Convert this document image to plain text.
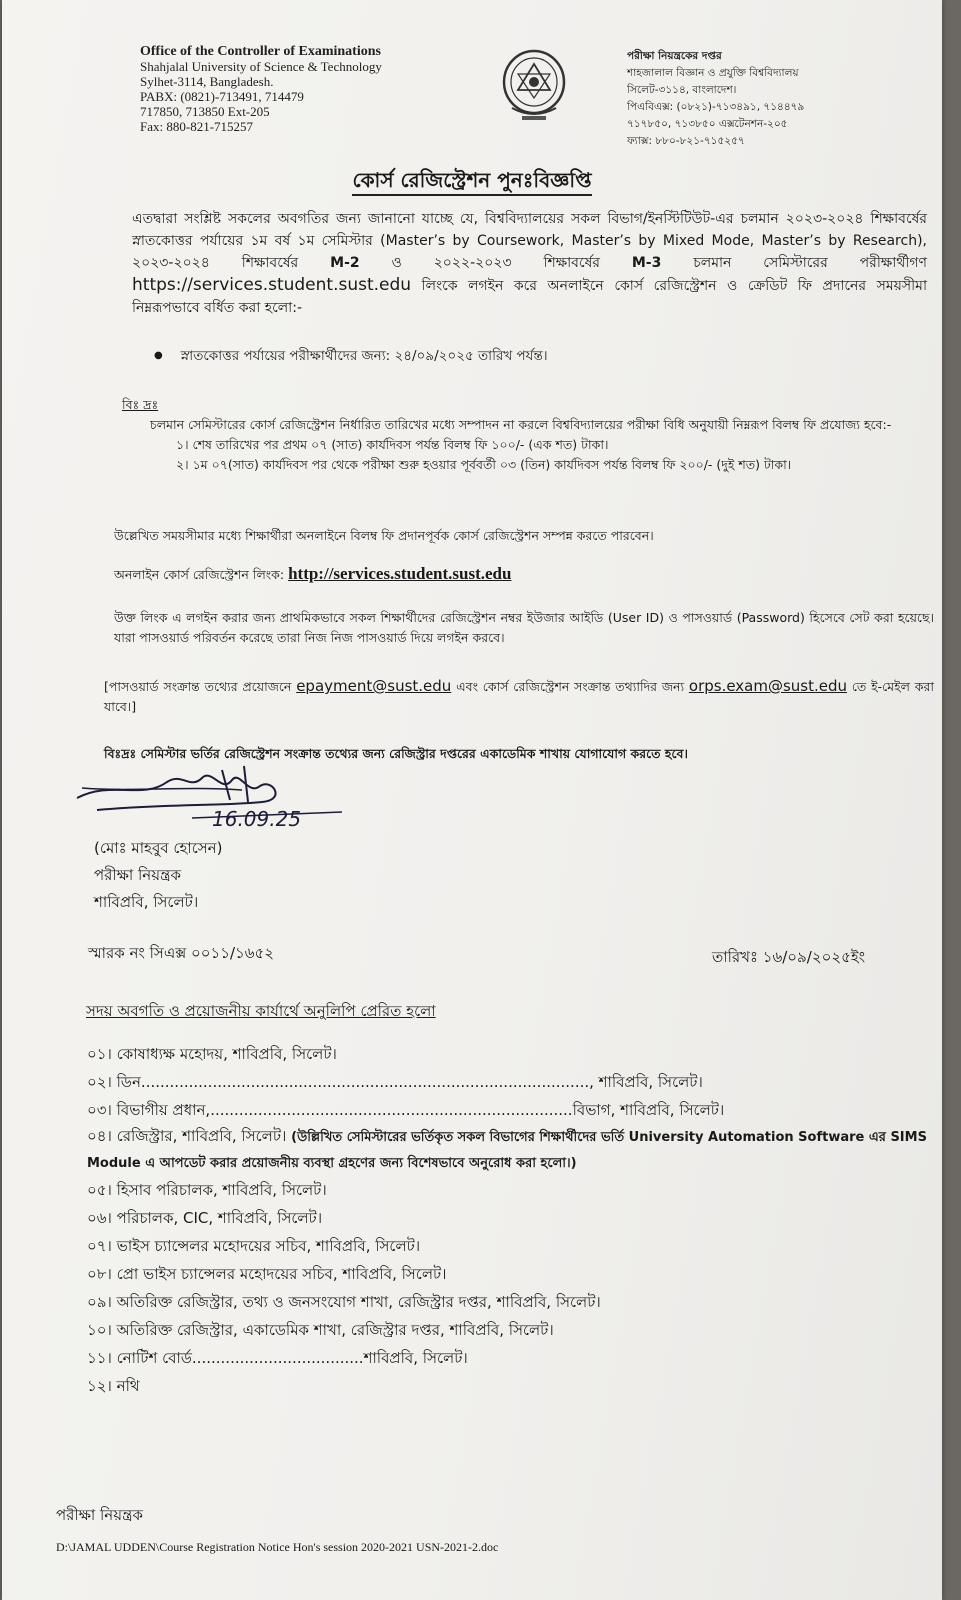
Office of the Controller of Examinations
Shahjalal University of Science & Technology
Sylhet-3114, Bangladesh.
PABX: (0821)-713491, 714479
717850, 713850 Ext-205
Fax: 880-821-715257
পরীক্ষা নিয়ন্ত্রকের দপ্তর
শাহজালাল বিজ্ঞান ও প্রযুক্তি বিশ্ববিদ্যালয়
সিলেট-৩১১৪, বাংলাদেশ।
পিএবিএক্স: (০৮২১)-৭১৩৪৯১, ৭১৪৪৭৯
৭১৭৮৫০, ৭১৩৮৫০ এক্সটেনশন-২০৫
ফ্যাক্স: ৮৮০-৮২১-৭১৫২৫৭
কোর্স রেজিস্ট্রেশন পুনঃবিজ্ঞপ্তি
এতদ্বারা সংশ্লিষ্ট সকলের অবগতির জন্য জানানো যাচ্ছে যে, বিশ্ববিদ্যালয়ের সকল বিভাগ/ইনস্টিটিউট-এর চলমান ২০২৩-২০২৪ শিক্ষাবর্ষের স্নাতকোত্তর পর্যায়ের ১ম বর্ষ ১ম সেমিস্টার (Master’s by Coursework, Master’s by Mixed Mode, Master’s by Research), ২০২৩-২০২৪ শিক্ষাবর্ষের M-2 ও ২০২২-২০২৩ শিক্ষাবর্ষের M-3 চলমান সেমিস্টারের পরীক্ষার্থীগণ https://services.student.sust.edu লিংকে লগইন করে অনলাইনে কোর্স রেজিস্ট্রেশন ও ক্রেডিট ফি প্রদানের সময়সীমা নিম্নরূপভাবে বর্ধিত করা হলো:-
● স্নাতকোত্তর পর্যায়ের পরীক্ষার্থীদের জন্য: ২৪/০৯/২০২৫ তারিখ পর্যন্ত।
বিঃ দ্রঃ
চলমান সেমিস্টারের কোর্স রেজিস্ট্রেশন নির্ধারিত তারিখের মধ্যে সম্পাদন না করলে বিশ্ববিদ্যালয়ের পরীক্ষা বিধি অনুযায়ী নিম্নরূপ বিলম্ব ফি প্রযোজ্য হবে:-
১। শেষ তারিখের পর প্রথম ০৭ (সাত) কার্যদিবস পর্যন্ত বিলম্ব ফি ১০০/- (এক শত) টাকা।
২। ১ম ০৭(সাত) কার্যদিবস পর থেকে পরীক্ষা শুরু হওয়ার পূর্ববর্তী ০৩ (তিন) কার্যদিবস পর্যন্ত বিলম্ব ফি ২০০/- (দুই শত) টাকা।
উল্লেখিত সময়সীমার মধ্যে শিক্ষার্থীরা অনলাইনে বিলম্ব ফি প্রদানপূর্বক কোর্স রেজিস্ট্রেশন সম্পন্ন করতে পারবেন।
অনলাইন কোর্স রেজিস্ট্রেশন লিংক: http://services.student.sust.edu
উক্ত লিংক এ লগইন করার জন্য প্রাথমিকভাবে সকল শিক্ষার্থীদের রেজিস্ট্রেশন নম্বর ইউজার আইডি (User ID) ও পাসওয়ার্ড (Password) হিসেবে সেট করা হয়েছে। যারা পাসওয়ার্ড পরিবর্তন করেছে তারা নিজ নিজ পাসওয়ার্ড দিয়ে লগইন করবে।
[পাসওয়ার্ড সংক্রান্ত তথ্যের প্রয়োজনে epayment@sust.edu এবং কোর্স রেজিস্ট্রেশন সংক্রান্ত তথ্যাদির জন্য orps.exam@sust.edu তে ই-মেইল করা যাবে।]
বিঃদ্রঃ সেমিস্টার ভর্তির রেজিস্ট্রেশন সংক্রান্ত তথ্যের জন্য রেজিস্ট্রার দপ্তরের একাডেমিক শাখায় যোগাযোগ করতে হবে।
16.09.25
(মোঃ মাহবুব হোসেন)
পরীক্ষা নিয়ন্ত্রক
শাবিপ্রবি, সিলেট।
স্মারক নং সিএক্স ০০১১/১৬৫২	তারিখঃ ১৬/০৯/২০২৫ইং
সদয় অবগতি ও প্রয়োজনীয় কার্যার্থে অনুলিপি প্রেরিত হলো
০১। কোষাধ্যক্ষ মহোদয়, শাবিপ্রবি, সিলেট।
০২। ডিন.............................................................................................., শাবিপ্রবি, সিলেট।
০৩। বিভাগীয় প্রধান,............................................................................বিভাগ, শাবিপ্রবি, সিলেট।
০৪। রেজিস্ট্রার, শাবিপ্রবি, সিলেট। (উল্লিখিত সেমিস্টারের ভর্তিকৃত সকল বিভাগের শিক্ষার্থীদের ভর্তি University Automation Software এর SIMS Module এ আপডেট করার প্রয়োজনীয় ব্যবস্থা গ্রহণের জন্য বিশেষভাবে অনুরোধ করা হলো।)
০৫। হিসাব পরিচালক, শাবিপ্রবি, সিলেট।
০৬। পরিচালক, CIC, শাবিপ্রবি, সিলেট।
০৭। ভাইস চ্যান্সেলর মহোদয়ের সচিব, শাবিপ্রবি, সিলেট।
০৮। প্রো ভাইস চ্যান্সেলর মহোদয়ের সচিব, শাবিপ্রবি, সিলেট।
০৯। অতিরিক্ত রেজিস্ট্রার, তথ্য ও জনসংযোগ শাখা, রেজিস্ট্রার দপ্তর, শাবিপ্রবি, সিলেট।
১০। অতিরিক্ত রেজিস্ট্রার, একাডেমিক শাখা, রেজিস্ট্রার দপ্তর, শাবিপ্রবি, সিলেট।
১১। নোটিশ বোর্ড....................................শাবিপ্রবি, সিলেট।
১২। নথি
পরীক্ষা নিয়ন্ত্রক
D:\JAMAL UDDEN\Course Registration Notice Hon's session 2020-2021 USN-2021-2.doc
